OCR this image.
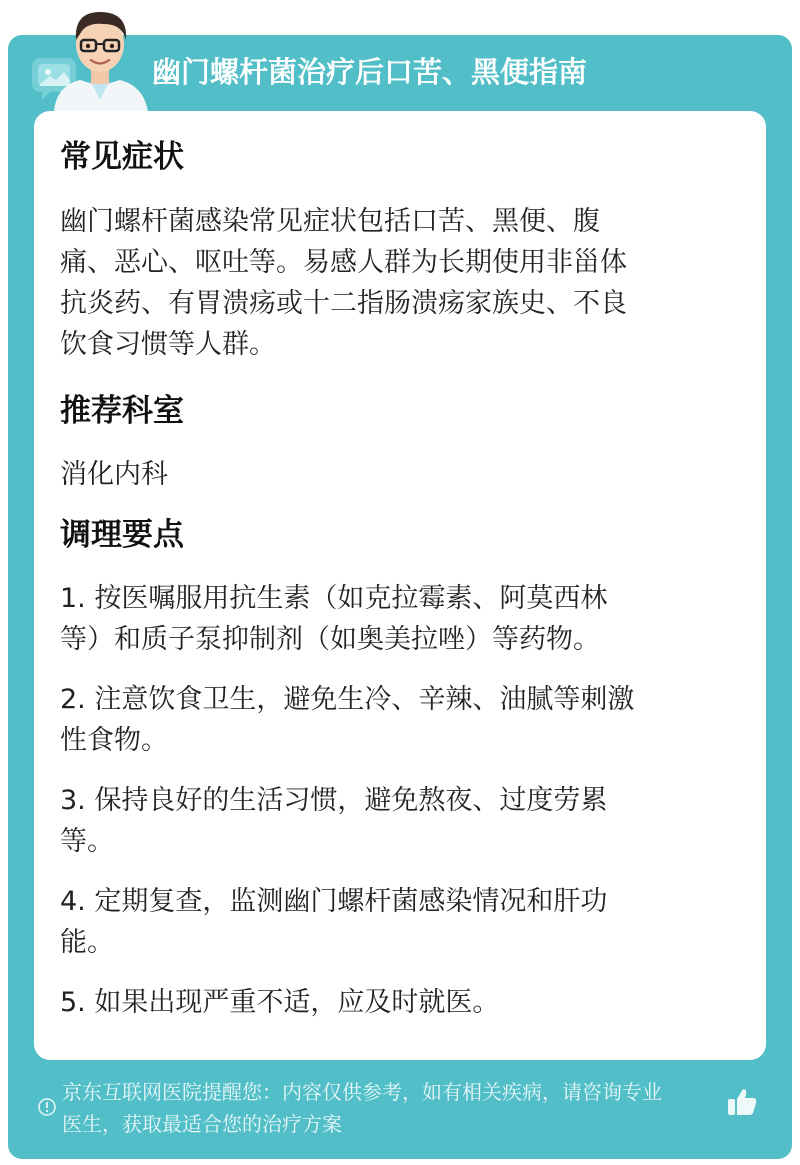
幽门螺杆菌治疗后口苦、黑便指南
常见症状
幽门螺杆菌感染常见症状包括口苦、黑便、腹
痛、恶心、呕吐等。易感人群为长期使用非甾体
抗炎药、有胃溃疡或十二指肠溃疡家族史、不良
饮食习惯等人群。
推荐科室
消化内科
调理要点
1. 按医嘱服用抗生素（如克拉霉素、阿莫西林
等）和质子泵抑制剂（如奥美拉唑）等药物。
2. 注意饮食卫生，避免生冷、辛辣、油腻等刺激
性食物。
3. 保持良好的生活习惯，避免熬夜、过度劳累
等。
4. 定期复查，监测幽门螺杆菌感染情况和肝功
能。
5. 如果出现严重不适，应及时就医。
京东互联网医院提醒您：内容仅供参考，如有相关疾病，请咨询专业
医生，获取最适合您的治疗方案
